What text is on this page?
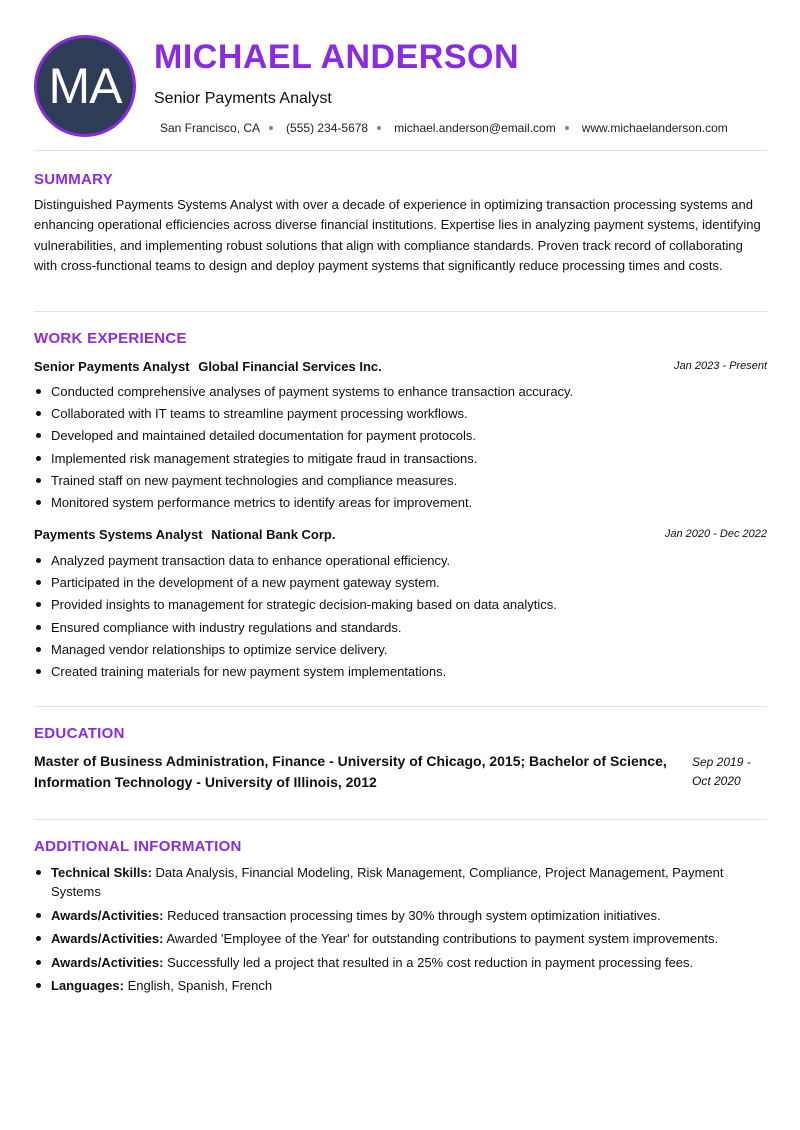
MA
MICHAEL ANDERSON
Senior Payments Analyst
San Francisco, CA (555) 234-5678 michael.anderson@email.com www.michaelanderson.com
SUMMARY
Distinguished Payments Systems Analyst with over a decade of experience in optimizing transaction processing systems and enhancing operational efficiencies across diverse financial institutions. Expertise lies in analyzing payment systems, identifying vulnerabilities, and implementing robust solutions that align with compliance standards. Proven track record of collaborating with cross-functional teams to design and deploy payment systems that significantly reduce processing times and costs.
WORK EXPERIENCE
Senior Payments Analyst Global Financial Services Inc.	Jan 2023 - Present
Conducted comprehensive analyses of payment systems to enhance transaction accuracy.
Collaborated with IT teams to streamline payment processing workflows.
Developed and maintained detailed documentation for payment protocols.
Implemented risk management strategies to mitigate fraud in transactions.
Trained staff on new payment technologies and compliance measures.
Monitored system performance metrics to identify areas for improvement.
Payments Systems Analyst National Bank Corp.	Jan 2020 - Dec 2022
Analyzed payment transaction data to enhance operational efficiency.
Participated in the development of a new payment gateway system.
Provided insights to management for strategic decision-making based on data analytics.
Ensured compliance with industry regulations and standards.
Managed vendor relationships to optimize service delivery.
Created training materials for new payment system implementations.
EDUCATION
Master of Business Administration, Finance - University of Chicago, 2015; Bachelor of Science, Information Technology - University of Illinois, 2012
Sep 2019 -
Oct 2020
ADDITIONAL INFORMATION
Technical Skills: Data Analysis, Financial Modeling, Risk Management, Compliance, Project Management, Payment Systems
Awards/Activities: Reduced transaction processing times by 30% through system optimization initiatives.
Awards/Activities: Awarded 'Employee of the Year' for outstanding contributions to payment system improvements.
Awards/Activities: Successfully led a project that resulted in a 25% cost reduction in payment processing fees.
Languages: English, Spanish, French
